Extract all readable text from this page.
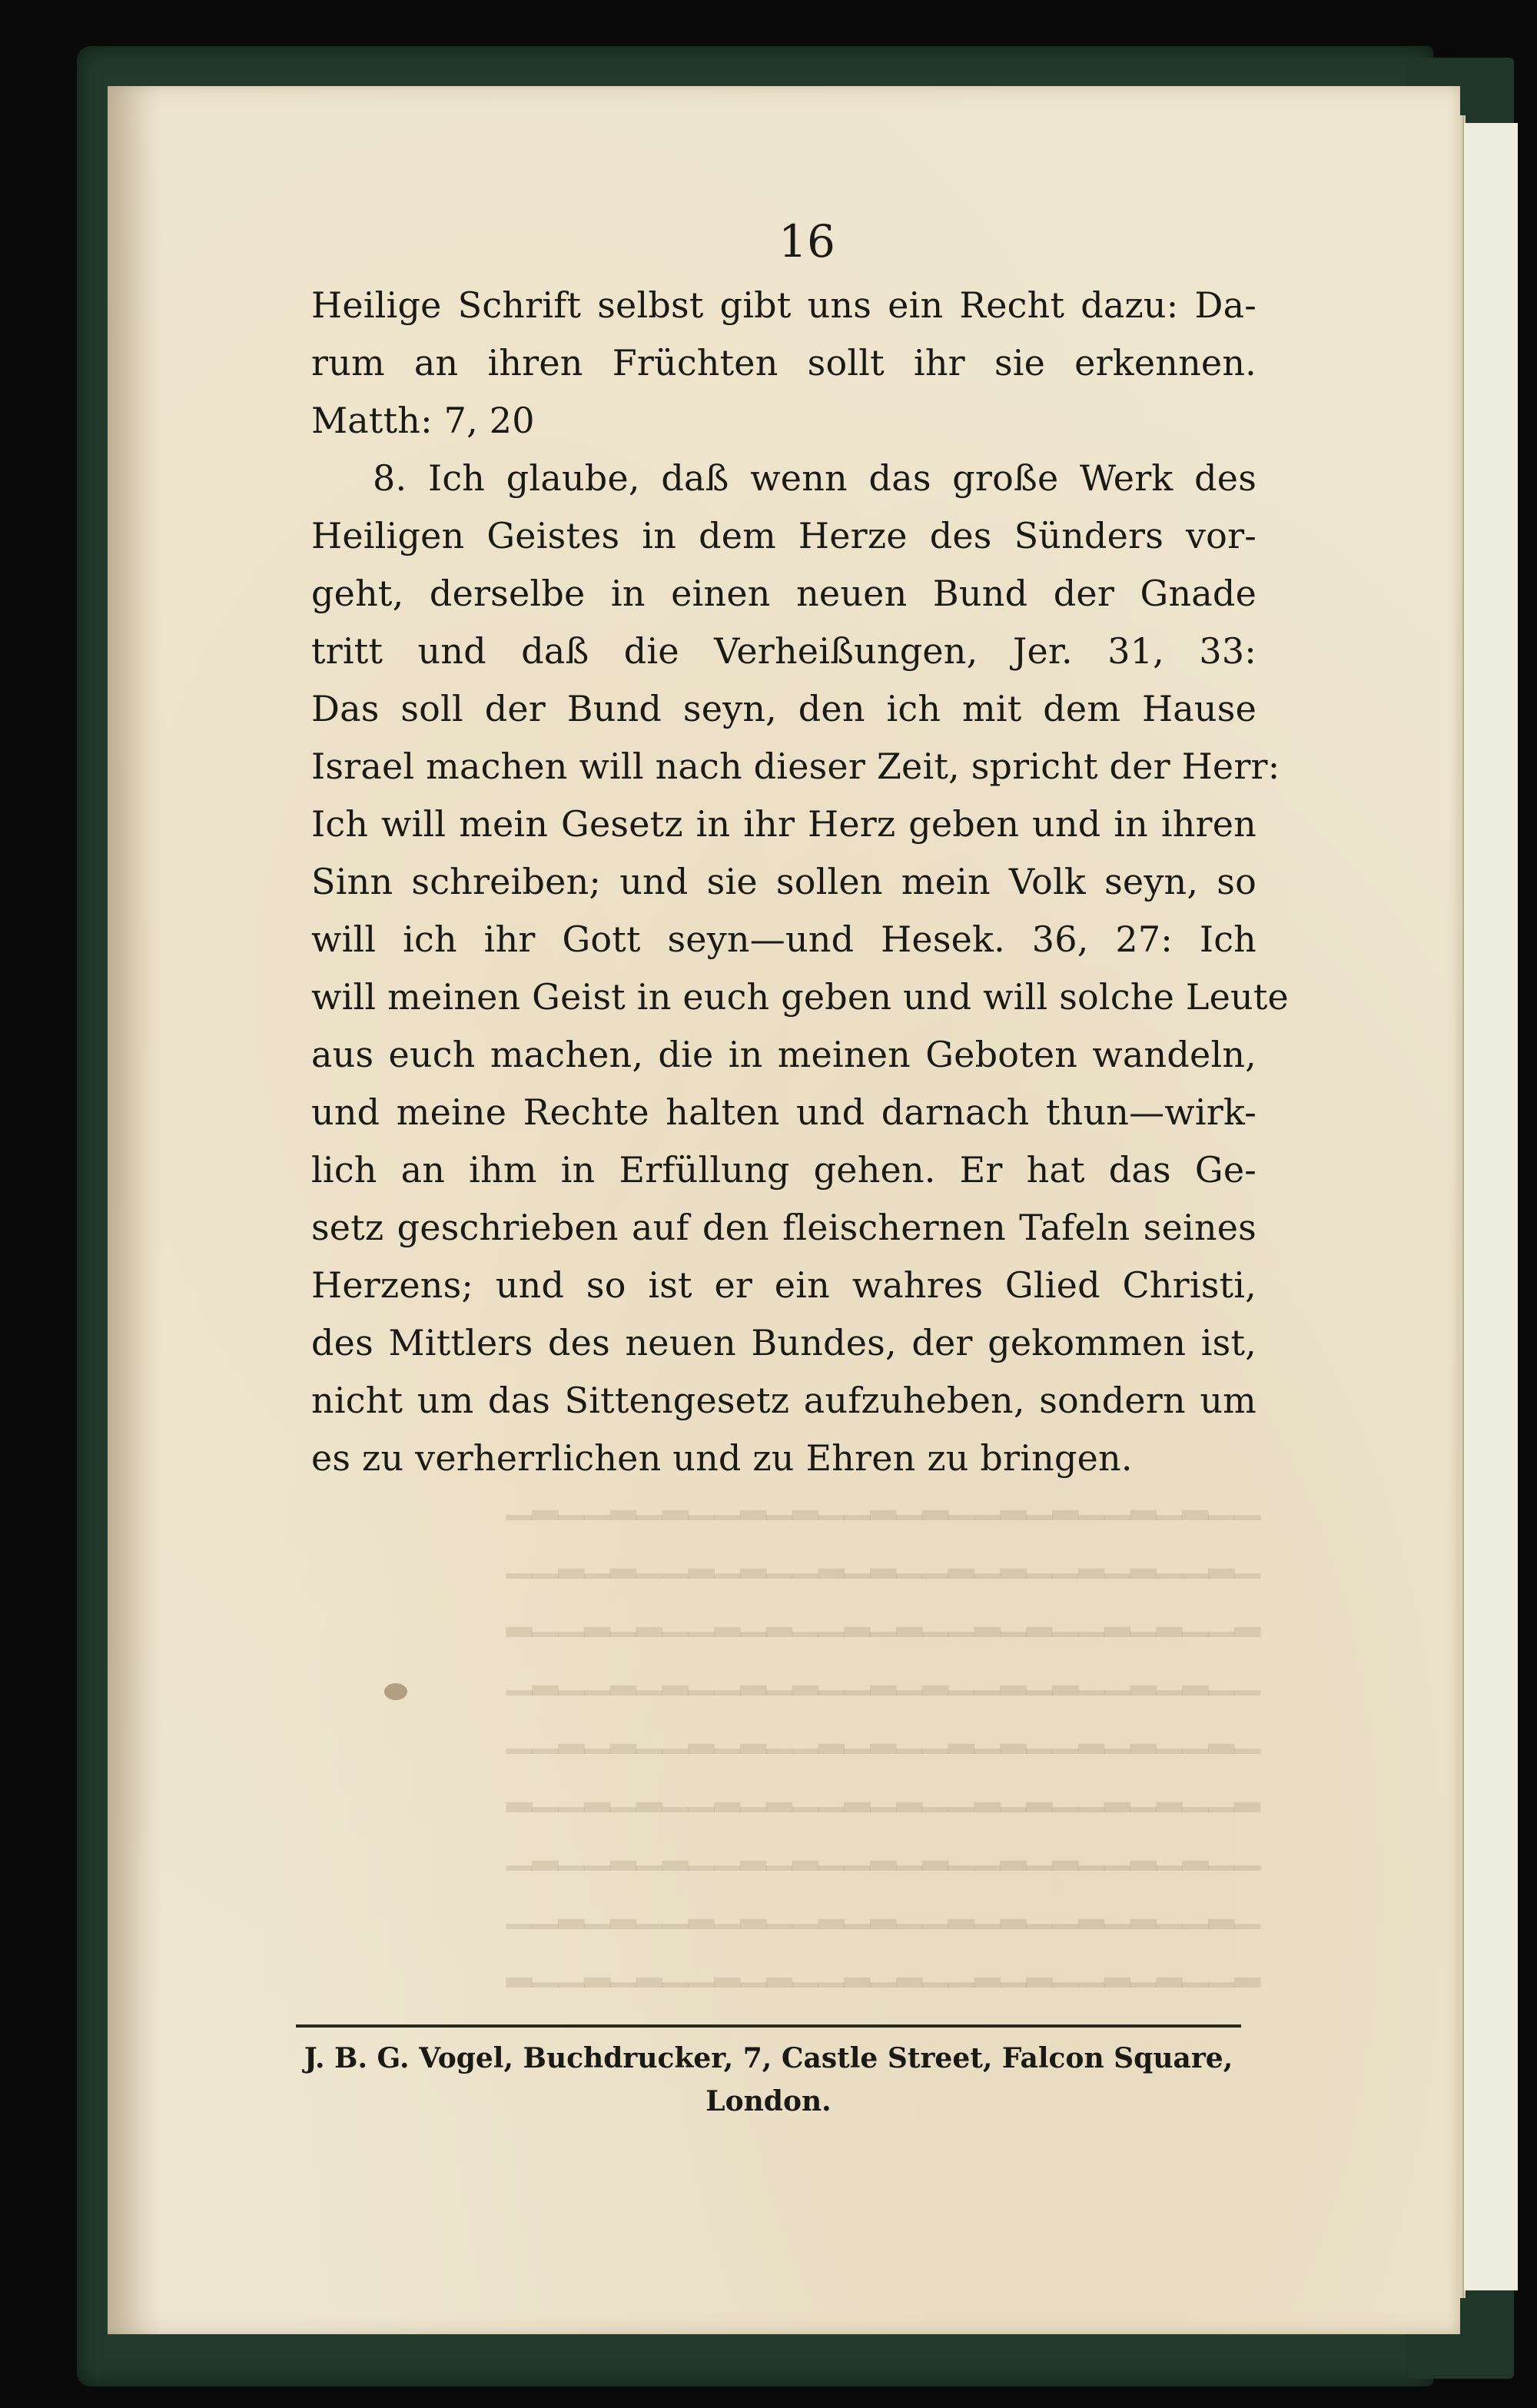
16
Heilige Schrift selbst gibt uns ein Recht dazu: Da-
rum an ihren Früchten sollt ihr sie erkennen.
Matth: 7, 20
8. Ich glaube, daß wenn das große Werk des
Heiligen Geistes in dem Herze des Sünders vor-
geht, derselbe in einen neuen Bund der Gnade
tritt und daß die Verheißungen, Jer. 31, 33:
Das soll der Bund seyn, den ich mit dem Hause
Israel machen will nach dieser Zeit, spricht der Herr:
Ich will mein Gesetz in ihr Herz geben und in ihren
Sinn schreiben; und sie sollen mein Volk seyn, so
will ich ihr Gott seyn—und Hesek. 36, 27: Ich
will meinen Geist in euch geben und will solche Leute
aus euch machen, die in meinen Geboten wandeln,
und meine Rechte halten und darnach thun—wirk-
lich an ihm in Erfüllung gehen. Er hat das Ge-
setz geschrieben auf den fleischernen Tafeln seines
Herzens; und so ist er ein wahres Glied Christi,
des Mittlers des neuen Bundes, der gekommen ist,
nicht um das Sittengesetz aufzuheben, sondern um
es zu verherrlichen und zu Ehren zu bringen.
▁▁▂▁▂▁▁▂▁▂▁▁▂▁▂▁▁▂▁▂▁▁▂▁▂▁▁▂▁
▁▂▁▁▂▁▂▁▁▂▁▂▁▁▂▁▂▁▁▂▁▂▁▁▂▁▂▁▁
▂▁▁▂▁▂▁▁▂▁▂▁▁▂▁▂▁▁▂▁▂▁▁▂▁▂▁▁▂
▁▁▂▁▂▁▁▂▁▂▁▁▂▁▂▁▁▂▁▂▁▁▂▁▂▁▁▂▁
▁▂▁▁▂▁▂▁▁▂▁▂▁▁▂▁▂▁▁▂▁▂▁▁▂▁▂▁▁
▂▁▁▂▁▂▁▁▂▁▂▁▁▂▁▂▁▁▂▁▂▁▁▂▁▂▁▁▂
▁▁▂▁▂▁▁▂▁▂▁▁▂▁▂▁▁▂▁▂▁▁▂▁▂▁▁▂▁
▁▂▁▁▂▁▂▁▁▂▁▂▁▁▂▁▂▁▁▂▁▂▁▁▂▁▂▁▁
▂▁▁▂▁▂▁▁▂▁▂▁▁▂▁▂▁▁▂▁▂▁▁▂▁▂▁▁▂
J. B. G. Vogel, Buchdrucker, 7, Castle Street, Falcon Square,
London.
